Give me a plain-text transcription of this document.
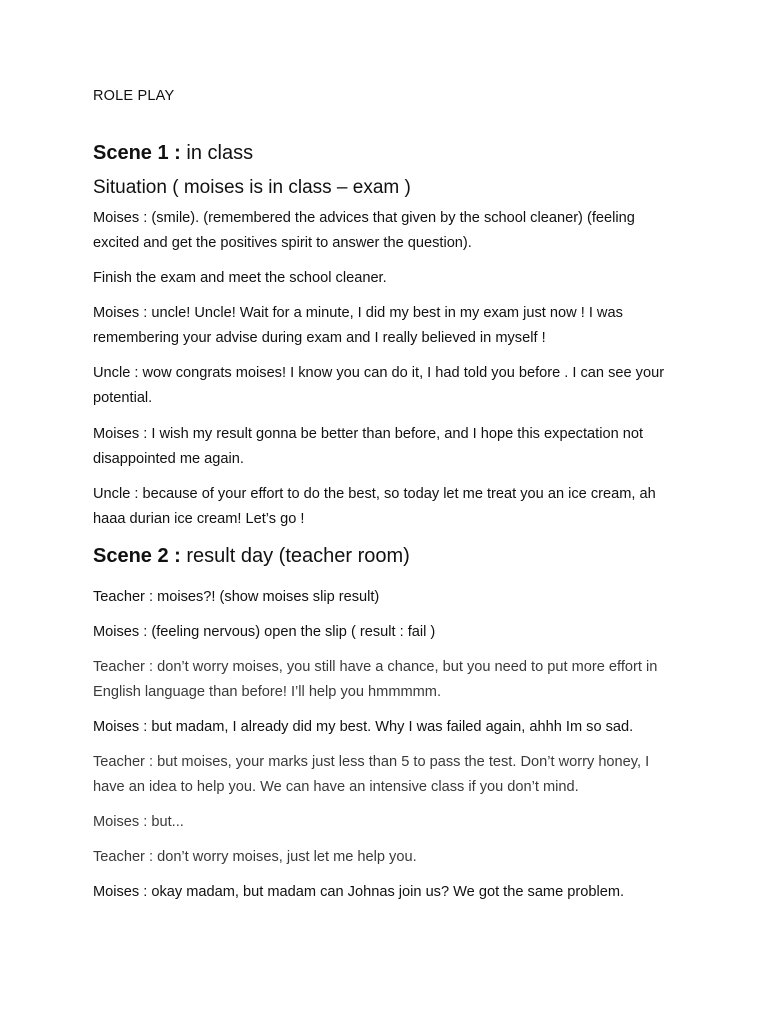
ROLE PLAY
Scene 1 : in class
Situation ( moises is in class – exam )

Moises : (smile). (remembered the advices that given by the school cleaner) (feeling excited and get the positives spirit to answer the question).

Finish the exam and meet the school cleaner.

Moises : uncle! Uncle! Wait for a minute, I did my best in my exam just now ! I was remembering your advise during exam and I really believed in myself !

Uncle : wow congrats moises! I know you can do it, I had told you before . I can see your potential.

Moises : I wish my result gonna be better than before, and I hope this expectation not disappointed me again.

Uncle : because of your effort to do the best, so today let me treat you an ice cream, ah haaa durian ice cream! Let’s go !

Scene 2 : result day (teacher room)

Teacher : moises?! (show moises slip result)

Moises : (feeling nervous) open the slip ( result : fail )

Teacher : don’t worry moises, you still have a chance, but you need to put more effort in English language than before! I’ll help you hmmmmm.

Moises : but madam, I already did my best. Why I was failed again, ahhh Im so sad.

Teacher : but moises, your marks just less than 5 to pass the test. Don’t worry honey, I have an idea to help you. We can have an intensive class if you don’t mind.

Moises : but...

Teacher : don’t worry moises, just let me help you.

Moises : okay madam, but madam can Johnas join us? We got the same problem.
